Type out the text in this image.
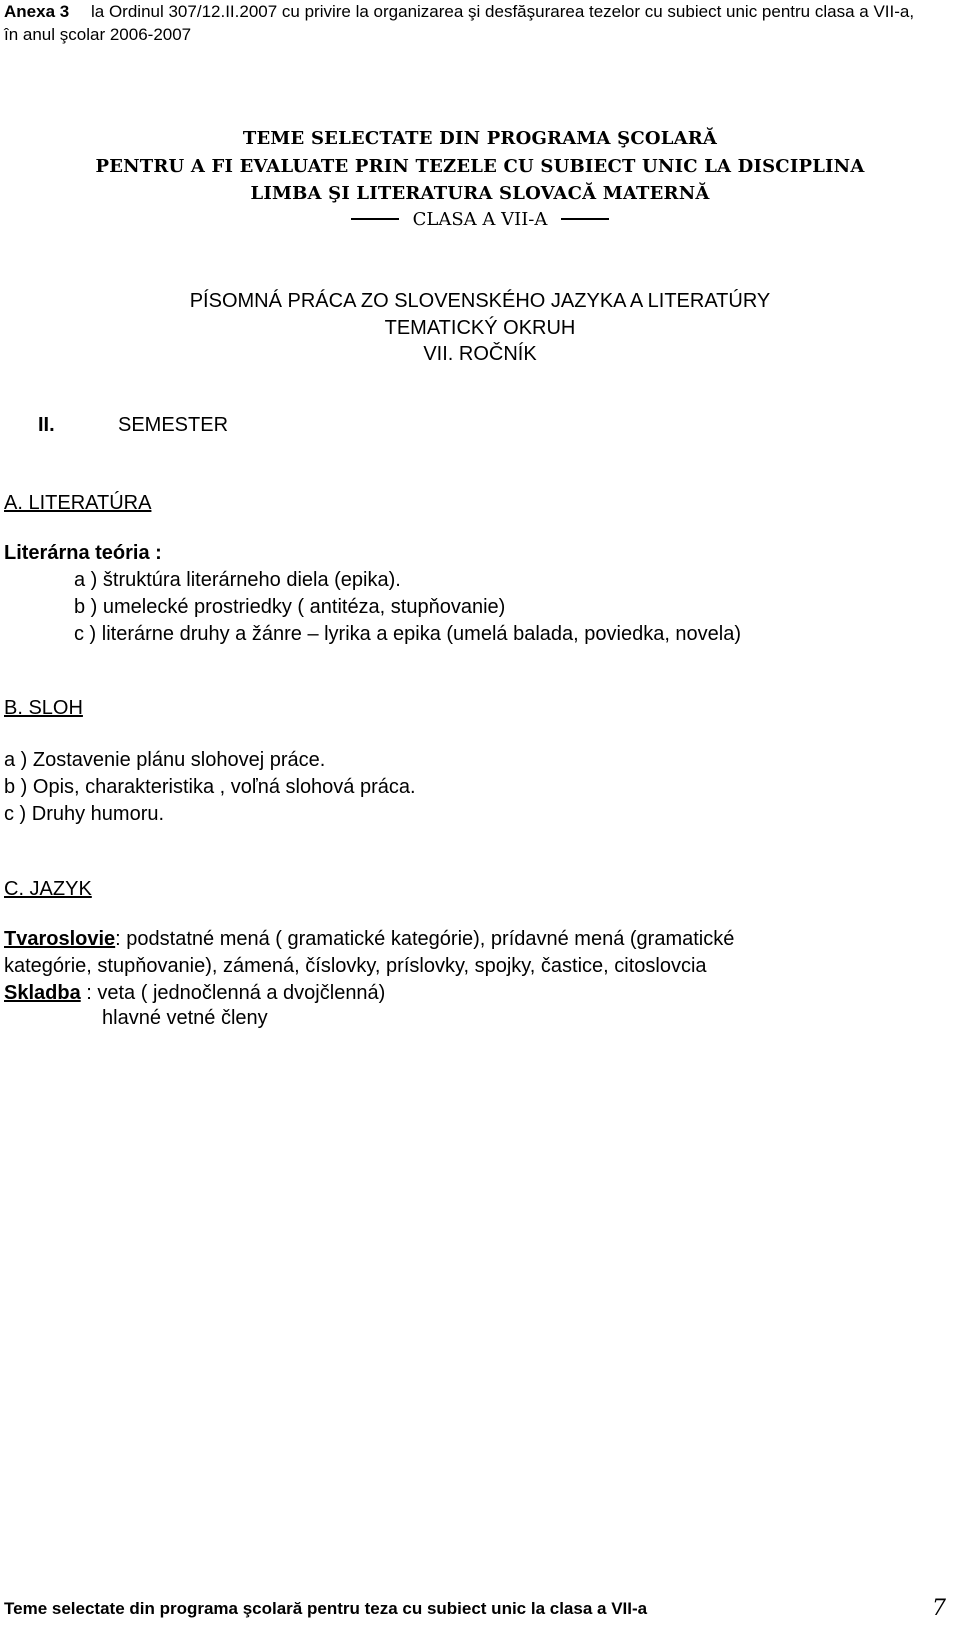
Anexa 3 la Ordinul 307/12.II.2007 cu privire la organizarea şi desfăşurarea tezelor cu subiect unic pentru clasa a VII-a,
în anul şcolar 2006-2007
TEME SELECTATE DIN PROGRAMA ŞCOLARĂ
PENTRU A FI EVALUATE PRIN TEZELE CU SUBIECT UNIC LA DISCIPLINA
LIMBA ŞI LITERATURA SLOVACĂ MATERNĂ
CLASA A VII-A
PÍSOMNÁ PRÁCA ZO SLOVENSKÉHO JAZYKA A LITERATÚRY
TEMATICKÝ OKRUH
VII. ROČNÍK
II.	SEMESTER
A. LITERATÚRA
Literárna teória :
a ) štruktúra literárneho diela (epika).
b ) umelecké prostriedky ( antitéza, stupňovanie)
c ) literárne druhy a žánre – lyrika a epika (umelá balada, poviedka, novela)
B. SLOH
a ) Zostavenie plánu slohovej práce.
b ) Opis, charakteristika , voľná slohová práca.
c ) Druhy humoru.
C. JAZYK
Tvaroslovie: podstatné mená ( gramatické kategórie), prídavné mená (gramatické
kategórie, stupňovanie), zámená, číslovky, príslovky, spojky, častice, citoslovcia
Skladba : veta ( jednočlenná a dvojčlenná)
hlavné vetné členy
Teme selectate din programa şcolară pentru teza cu subiect unic la clasa a VII-a	7
